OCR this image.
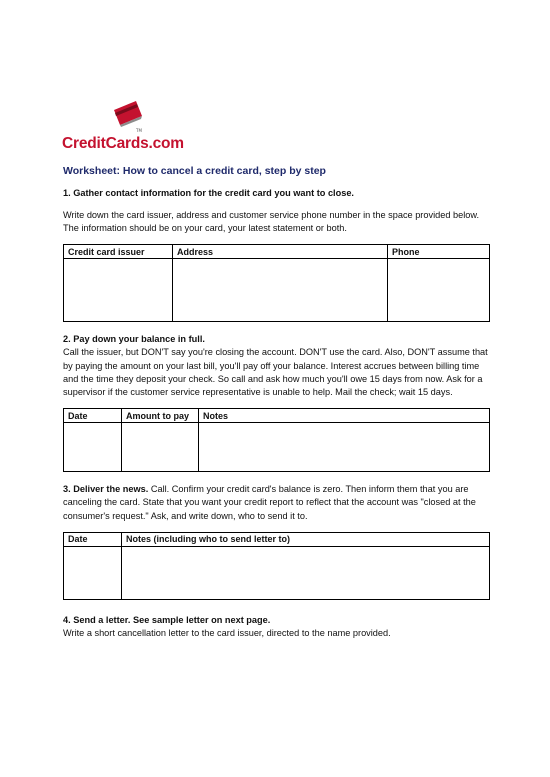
TM
CreditCards.com
Worksheet: How to cancel a credit card, step by step
1. Gather contact information for the credit card you want to close.

Write down the card issuer, address and customer service phone number in the space provided below. The information should be on your card, your latest statement or both.

Credit card issuer	Address	Phone

2. Pay down your balance in full.

Call the issuer, but DON'T say you're closing the account. DON'T use the card. Also, DON'T assume that by paying the amount on your last bill, you'll pay off your balance. Interest accrues between billing time and the time they deposit your check. So call and ask how much you'll owe 15 days from now. Ask for a supervisor if the customer service representative is unable to help. Mail the check; wait 15 days.

Date	Amount to pay	Notes

3. Deliver the news. Call. Confirm your credit card's balance is zero. Then inform them that you are canceling the card. State that you want your credit report to reflect that the account was "closed at the consumer's request." Ask, and write down, who to send it to.

Date	Notes (including who to send letter to)

4. Send a letter. See sample letter on next page.

Write a short cancellation letter to the card issuer, directed to the name provided.
